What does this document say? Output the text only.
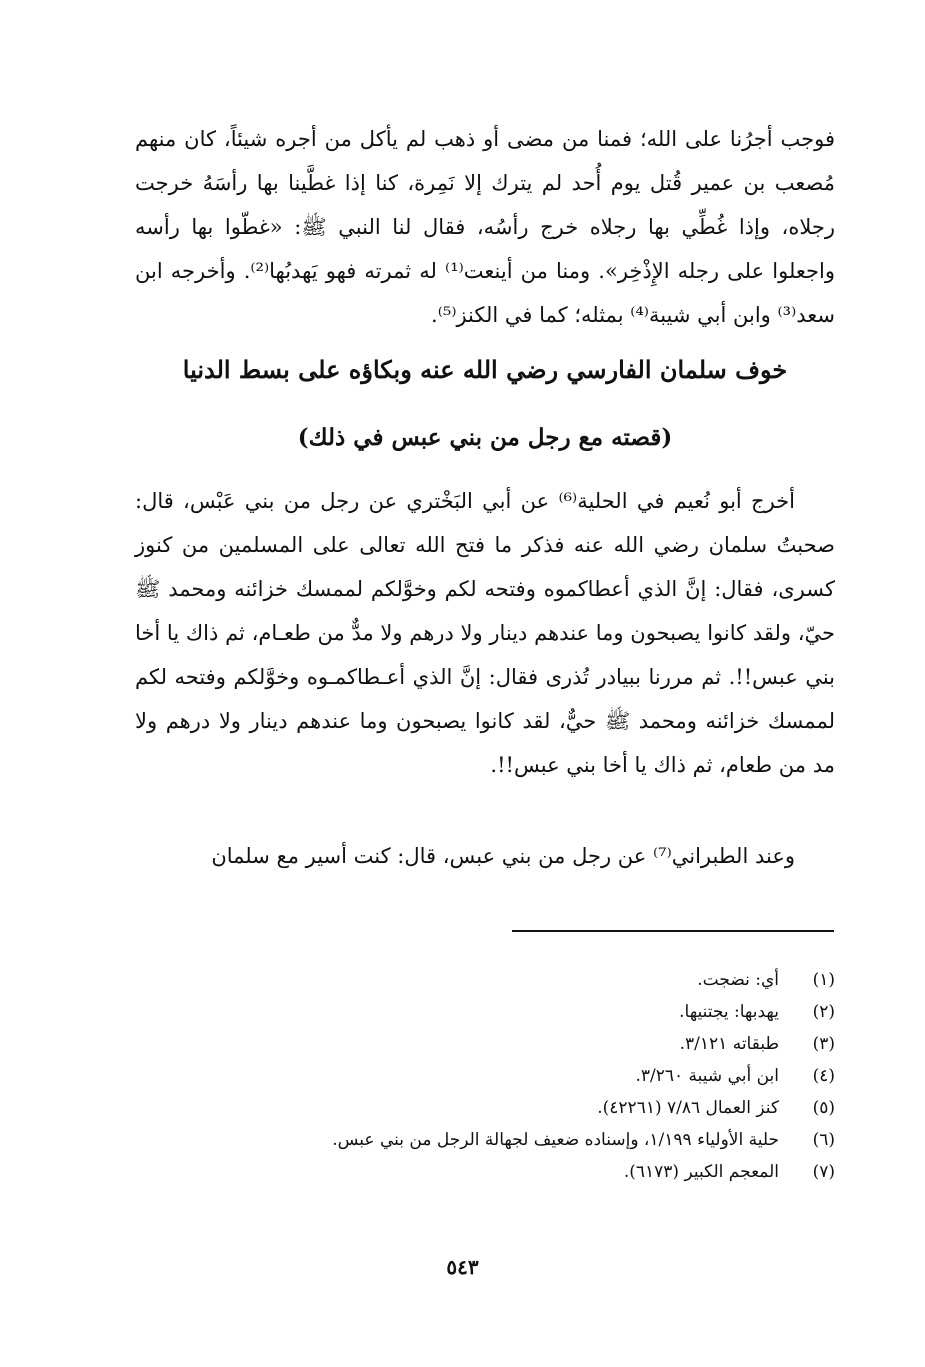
فوجب أجرُنا على الله؛ فمنا من مضى أو ذهب لم يأكل من أجره شيئاً، كان منهم مُصعب بن عمير قُتل يوم أُحد لم يترك إلا نَمِرة، كنا إذا غطَّينا بها رأسَهُ خرجت رجلاه، وإذا غُطِّي بها رجلاه خرج رأسُه، فقال لنا النبي ﷺ: «غطّوا بها رأسه واجعلوا على رجله الإِذْخِر». ومنا من أينعت⁽¹⁾ له ثمرته فهو يَهدبُها⁽²⁾. وأخرجه ابن سعد⁽³⁾ وابن أبي شيبة⁽⁴⁾ بمثله؛ كما في الكنز⁽⁵⁾.

خوف سلمان الفارسي رضي الله عنه وبكاؤه على بسط الدنيا
(قصته مع رجل من بني عبس في ذلك)

أخرج أبو نُعيم في الحلية⁽⁶⁾ عن أبي البَخْتري عن رجل من بني عَبْس، قال: صحبتُ سلمان رضي الله عنه فذكر ما فتح الله تعالى على المسلمين من كنوز كسرى، فقال: إنَّ الذي أعطاكموه وفتحه لكم وخوَّلكم لممسك خزائنه ومحمد ﷺ حيّ، ولقد كانوا يصبحون وما عندهم دينار ولا درهم ولا مدٌّ من طعـام، ثم ذاك يا أخا بني عبس!!. ثم مررنا ببيادر تُذرى فقال: إنَّ الذي أعـطاكمـوه وخوَّلكم وفتحه لكم لممسك خزائنه ومحمد ﷺ حيٌّ، لقد كانوا يصبحون وما عندهم دينار ولا درهم ولا مد من طعام، ثم ذاك يا أخا بني عبس!!.

وعند الطبراني⁽⁷⁾ عن رجل من بني عبس، قال: كنت أسير مع سلمان

(١)
أي: نضجت.
(٢)
يهدبها: يجتنيها.
(٣)
طبقاته ٣/١٢١.
(٤)
ابن أبي شيبة ٣/٢٦٠.
(٥)
كنز العمال ٧/٨٦ (٤٢٢٦١).
(٦)
حلية الأولياء ١/١٩٩، وإسناده ضعيف لجهالة الرجل من بني عبس.
(٧)
المعجم الكبير (٦١٧٣).
٥٤٣
